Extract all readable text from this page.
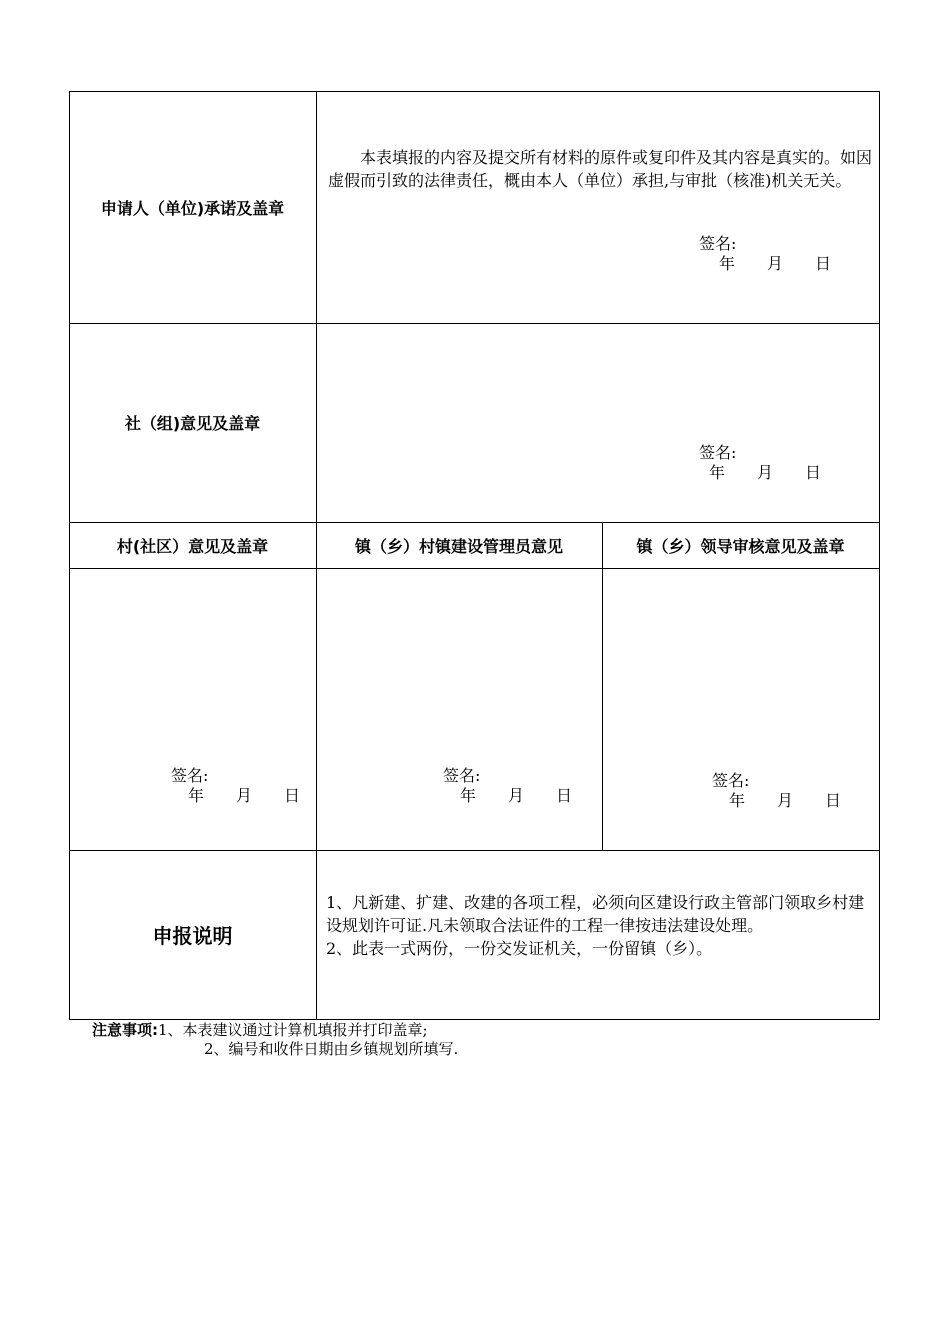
申请人（单位)承诺及盖章
　　本表填报的内容及提交所有材料的原件或复印件及其内容是真实的。如因虚假而引致的法律责任，概由本人（单位）承担,与审批（核准)机关无关。
签名:
年 月 日
社（组)意见及盖章
签名:
年 月 日
村(社区）意见及盖章	镇（乡）村镇建设管理员意见	镇（乡）领导审核意见及盖章
签名:
年 月 日
签名:
年 月 日
签名:
年 月 日
申报说明
1、凡新建、扩建、改建的各项工程，必须向区建设行政主管部门领取乡村建设规划许可证.凡未领取合法证件的工程一律按违法建设处理。
2、此表一式两份，一份交发证机关，一份留镇（乡）。
注意事项:1、本表建议通过计算机填报并打印盖章;
2、编号和收件日期由乡镇规划所填写.
